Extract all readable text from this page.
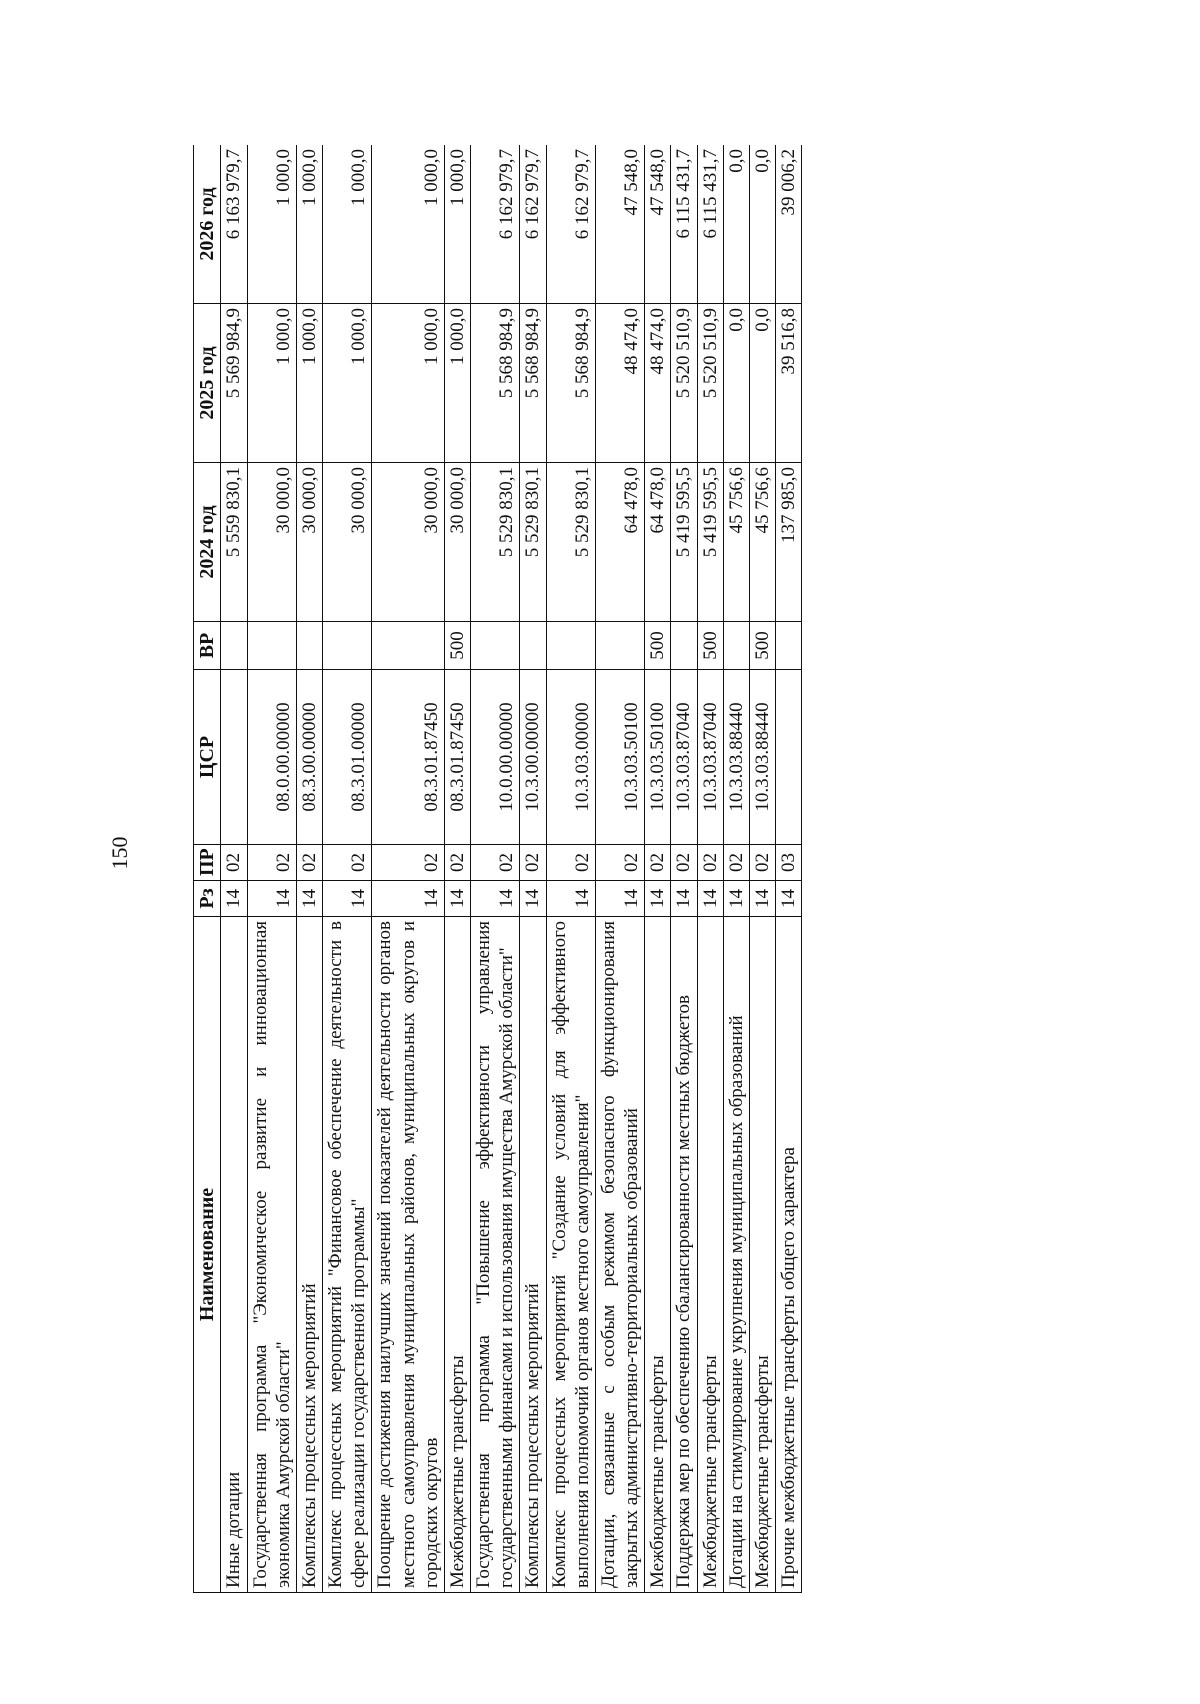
150
Наименование	Рз	ПР	ЦСР	ВР	2024 год	2025 год	2026 год
Иные дотации	14	02			5 559 830,1	5 569 984,9	6 163 979,7
Государственная программа "Экономическое развитие и инновационная экономика Амурской области"	14	02	08.0.00.00000		30 000,0	1 000,0	1 000,0
Комплексы процессных мероприятий	14	02	08.3.00.00000		30 000,0	1 000,0	1 000,0
Комплекс процессных мероприятий "Финансовое обеспечение деятельности в сфере реализации государственной программы"	14	02	08.3.01.00000		30 000,0	1 000,0	1 000,0
Поощрение достижения наилучших значений показателей деятельности органов местного самоуправления муниципальных районов, муниципальных округов и городских округов	14	02	08.3.01.87450		30 000,0	1 000,0	1 000,0
Межбюджетные трансферты	14	02	08.3.01.87450	500	30 000,0	1 000,0	1 000,0
Государственная программа "Повышение эффективности управления государственными финансами и использования имущества Амурской области"	14	02	10.0.00.00000		5 529 830,1	5 568 984,9	6 162 979,7
Комплексы процессных мероприятий	14	02	10.3.00.00000		5 529 830,1	5 568 984,9	6 162 979,7
Комплекс процессных мероприятий "Создание условий для эффективного выполнения полномочий органов местного самоуправления"	14	02	10.3.03.00000		5 529 830,1	5 568 984,9	6 162 979,7
Дотации, связанные с особым режимом безопасного функционирования закрытых административно-территориальных образований	14	02	10.3.03.50100		64 478,0	48 474,0	47 548,0
Межбюджетные трансферты	14	02	10.3.03.50100	500	64 478,0	48 474,0	47 548,0
Поддержка мер по обеспечению сбалансированности местных бюджетов	14	02	10.3.03.87040		5 419 595,5	5 520 510,9	6 115 431,7
Межбюджетные трансферты	14	02	10.3.03.87040	500	5 419 595,5	5 520 510,9	6 115 431,7
Дотации на стимулирование укрупнения муниципальных образований	14	02	10.3.03.88440		45 756,6	0,0	0,0
Межбюджетные трансферты	14	02	10.3.03.88440	500	45 756,6	0,0	0,0
Прочие межбюджетные трансферты общего характера	14	03			137 985,0	39 516,8	39 006,2
